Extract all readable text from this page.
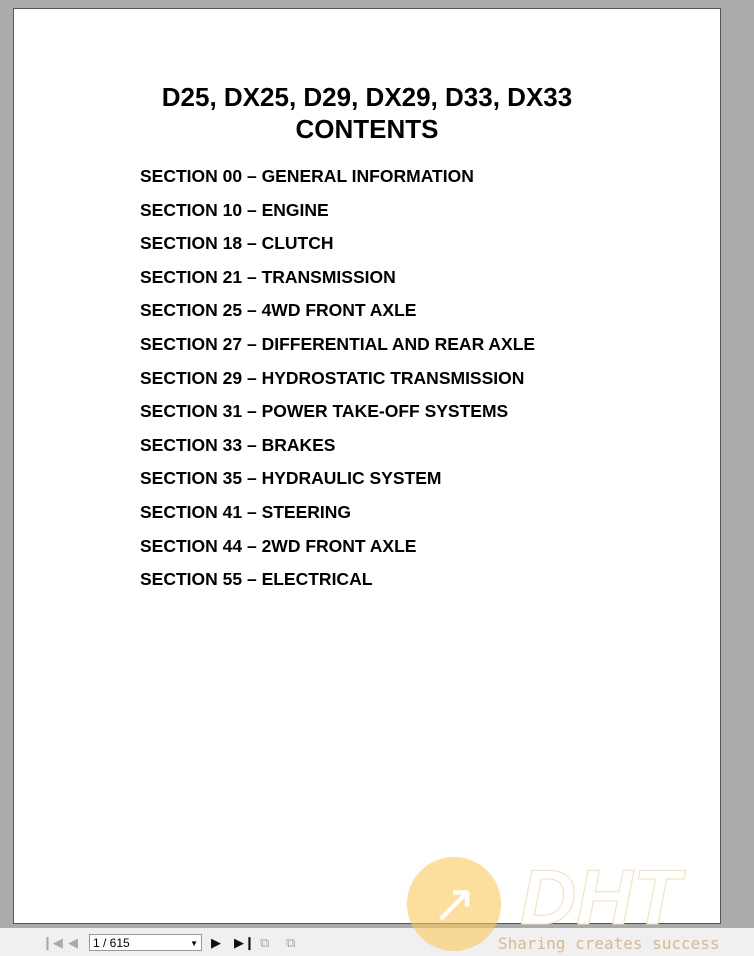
D25, DX25, D29, DX29, D33, DX33
CONTENTS
SECTION 00 – GENERAL INFORMATION
SECTION 10 – ENGINE
SECTION 18 – CLUTCH
SECTION 21 – TRANSMISSION
SECTION 25 – 4WD FRONT AXLE
SECTION 27 – DIFFERENTIAL AND REAR AXLE
SECTION 29 – HYDROSTATIC TRANSMISSION
SECTION 31 – POWER TAKE-OFF SYSTEMS
SECTION 33 – BRAKES
SECTION 35 – HYDRAULIC SYSTEM
SECTION 41 – STEERING
SECTION 44 – 2WD FRONT AXLE
SECTION 55 – ELECTRICAL
❙◀ ◀	1 / 615	▼ ▶ ▶❙ ⧉ ⧉
↗ DHT
Sharing creates success
